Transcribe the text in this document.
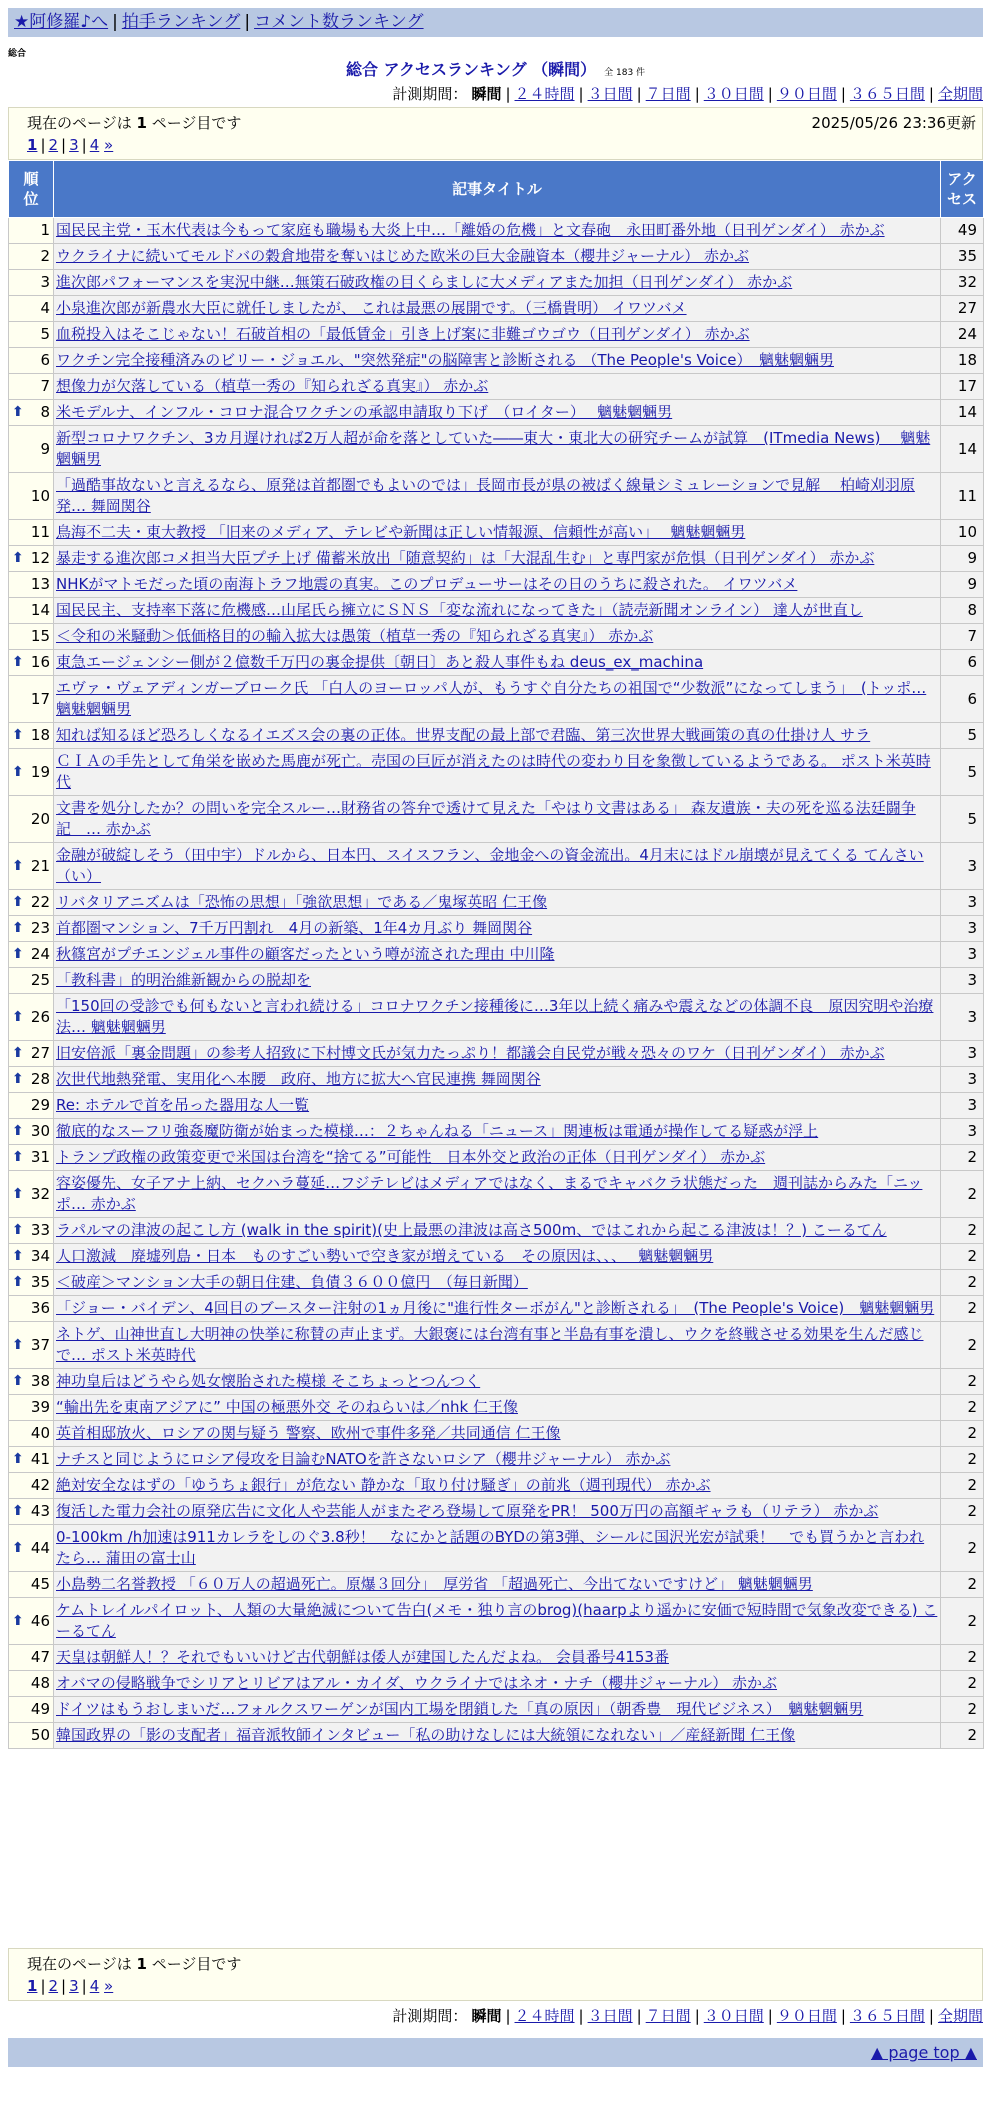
★阿修羅♪へ | 拍手ランキング | コメント数ランキング
総合
総合 アクセスランキング （瞬間） 全 183 件
計測期間： 瞬間 | ２４時間 | ３日間 | ７日間 | ３０日間 | ９０日間 | ３６５日間 | 全期間
現在のページは 1 ページ目です	2025/05/26 23:36更新
1 | 2 | 3 | 4 »
順位	記事タイトル	アクセス
1	国民民主党・玉木代表は今もって家庭も職場も大炎上中…「離婚の危機」と文春砲　永田町番外地（日刊ゲンダイ） 赤かぶ	49
2	ウクライナに続いてモルドバの穀倉地帯を奪いはじめた欧米の巨大金融資本（櫻井ジャーナル） 赤かぶ	35
3	進次郎パフォーマンスを実況中継…無策石破政権の目くらましに大メディアまた加担（日刊ゲンダイ） 赤かぶ	32
4	小泉進次郎が新農水大臣に就任しましたが、 これは最悪の展開です。（三橋貴明） イワツバメ	27
5	血税投入はそこじゃない！石破首相の「最低賃金」引き上げ案に非難ゴウゴウ（日刊ゲンダイ） 赤かぶ	24
6	ワクチン完全接種済みのビリー・ジョエル、"突然発症"の脳障害と診断される （The People's Voice）　魑魅魍魎男	18
7	想像力が欠落している（植草一秀の『知られざる真実』） 赤かぶ	17

⬆ 8	米モデルナ、インフル・コロナ混合ワクチンの承認申請取り下げ　（ロイター）　 魑魅魍魎男	14
9	新型コロナワクチン、3カ月遅ければ2万人超が命を落としていた――東大・東北大の研究チームが試算　(ITmedia News)　 魑魅魍魎男	14
10	「過酷事故ないと言えるなら、原発は首都圏でもよいのでは」長岡市長が県の被ばく線量シミュレーションで見解　 柏崎刈羽原発… 舞岡関谷	11
11	鳥海不二夫・東大教授 「旧来のメディア、テレビや新聞は正しい情報源、信頼性が高い」　 魑魅魍魎男	10

⬆ 12	暴走する進次郎コメ担当大臣プチ上げ 備蓄米放出「随意契約」は「大混乱生む」と専門家が危惧（日刊ゲンダイ） 赤かぶ	9
13	NHKがマトモだった頃の南海トラフ地震の真実。このプロデューサーはその日のうちに殺された。 イワツバメ	9
14	国民民主、支持率下落に危機感…山尾氏ら擁立にＳＮＳ「変な流れになってきた」（読売新聞オンライン） 達人が世直し	8
15	＜令和の米騒動＞低価格目的の輸入拡大は愚策（植草一秀の『知られざる真実』） 赤かぶ	7

⬆ 16	東急エージェンシー側が２億数千万円の裏金提供〔朝日〕あと殺人事件もね deus_ex_machina	6
17	エヴァ・ヴェアディンガーブローク氏 「白人のヨーロッパ人が、もうすぐ自分たちの祖国で“少数派”になってしまう」　(トッポ… 魑魅魍魎男	6

⬆ 18	知れば知るほど恐ろしくなるイエズス会の裏の正体。世界支配の最上部で君臨、第三次世界大戦画策の真の仕掛け人 サラ	5

⬆ 19	ＣＩＡの手先として角栄を嵌めた馬鹿が死亡。売国の巨匠が消えたのは時代の変わり目を象徴しているようである。 ポスト米英時代	5
20	文書を処分したか？の問いを完全スルー…財務省の答弁で透けて見えた「やはり文書はある」 森友遺族・夫の死を巡る法廷闘争記　… 赤かぶ	5

⬆ 21	金融が破綻しそう（田中宇）ドルから、日本円、スイスフラン、金地金への資金流出。4月末にはドル崩壊が見えてくる てんさい（い）	3

⬆ 22	リバタリアニズムは「恐怖の思想」「強欲思想」である／鬼塚英昭 仁王像	3

⬆ 23	首都圏マンション、7千万円割れ　4月の新築、1年4カ月ぶり 舞岡関谷	3

⬆ 24	秋篠宮がプチエンジェル事件の顧客だったという噂が流された理由 中川隆	3
25	「教科書」的明治維新観からの脱却を	3

⬆ 26	「150回の受診でも何もないと言われ続ける」コロナワクチン接種後に…3年以上続く痛みや震えなどの体調不良　原因究明や治療法… 魑魅魍魎男	3

⬆ 27	旧安倍派「裏金問題」の参考人招致に下村博文氏が気力たっぷり！都議会自民党が戦々恐々のワケ（日刊ゲンダイ） 赤かぶ	3

⬆ 28	次世代地熱発電、実用化へ本腰　政府、地方に拡大へ官民連携 舞岡関谷	3
29	Re: ホテルで首を吊った器用な人一覧	3

⬆ 30	徹底的なスーフリ強姦魔防衛が始まった模様…：２ちゃんねる「ニュース」関連板は電通が操作してる疑惑が浮上	3

⬆ 31	トランプ政権の政策変更で米国は台湾を“捨てる”可能性　日本外交と政治の正体（日刊ゲンダイ） 赤かぶ	2

⬆ 32	容姿優先、女子アナ上納、セクハラ蔓延…フジテレビはメディアではなく、まるでキャバクラ状態だった　週刊誌からみた「ニッポ… 赤かぶ	2

⬆ 33	ラパルマの津波の起こし方 (walk in the spirit)(史上最悪の津波は高さ500m、ではこれから起こる津波は！？) こーるてん	2

⬆ 34	人口激減　廃墟列島・日本　ものすごい勢いで空き家が増えている　その原因は、、、　 魑魅魍魎男	2

⬆ 35	＜破産＞マンション大手の朝日住建、負債３６００億円　（毎日新聞）	2
36	「ジョー・バイデン、4回目のブースター注射の1ヵ月後に"進行性ターボがん"と診断される」　(The People's Voice)　魑魅魍魎男	2

⬆ 37	ネトゲ、山神世直し大明神の快挙に称賛の声止まず。大銀褒には台湾有事と半島有事を潰し、ウクを終戦させる効果を生んだ感じで… ポスト米英時代	2

⬆ 38	神功皇后はどうやら処女懐胎された模様 そこちょっとつんつく	2
39	“輸出先を東南アジアに” 中国の極悪外交 そのねらいは／nhk 仁王像	2
40	英首相邸放火、ロシアの関与疑う 警察、欧州で事件多発／共同通信 仁王像	2

⬆ 41	ナチスと同じようにロシア侵攻を目論むNATOを許さないロシア（櫻井ジャーナル） 赤かぶ	2
42	絶対安全なはずの「ゆうちょ銀行」が危ない 静かな「取り付け騒ぎ」の前兆（週刊現代） 赤かぶ	2

⬆ 43	復活した電力会社の原発広告に文化人や芸能人がまたぞろ登場して原発をPR！ 500万円の高額ギャラも（リテラ） 赤かぶ	2

⬆ 44	0-100km /h加速は911カレラをしのぐ3.8秒！　なにかと話題のBYDの第3弾、シールに国沢光宏が試乗！　でも買うかと言われたら… 蒲田の富士山	2
45	小島勢二名誉教授 「６０万人の超過死亡。原爆３回分」　厚労省 「超過死亡、今出てないですけど」 魑魅魍魎男	2

⬆ 46	ケムトレイルパイロット、人類の大量絶滅について告白(メモ・独り言のbrog)(haarpより遥かに安価で短時間で気象改変できる) こーるてん	2
47	天皇は朝鮮人！？それでもいいけど古代朝鮮は倭人が建国したんだよね。 会員番号4153番	2
48	オバマの侵略戦争でシリアとリビアはアル・カイダ、ウクライナではネオ・ナチ（櫻井ジャーナル） 赤かぶ	2
49	ドイツはもうおしまいだ…フォルクスワーゲンが国内工場を閉鎖した「真の原因」（朝香豊　現代ビジネス）　魑魅魍魎男	2
50	韓国政界の「影の支配者」福音派牧師インタビュー「私の助けなしには大統領になれない」／産経新聞 仁王像	2
現在のページは 1 ページ目です
1 | 2 | 3 | 4 »
計測期間： 瞬間 | ２４時間 | ３日間 | ７日間 | ３０日間 | ９０日間 | ３６５日間 | 全期間
▲ page top ▲
